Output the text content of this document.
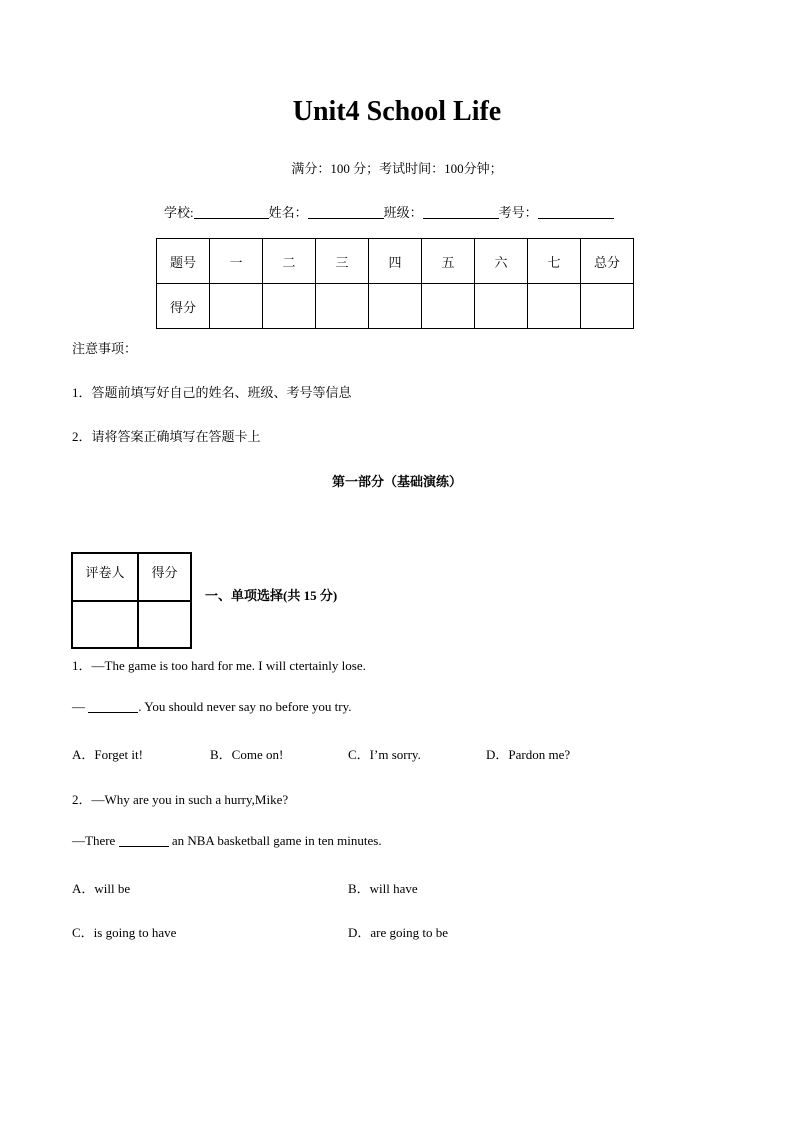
Unit4 School Life
满分：100 分；考试时间：100分钟；
学校:	姓名：	班级：	考号：
题号	一	二	三	四	五	六	七	总分
得分								
注意事项：
1．答题前填写好自己的姓名、班级、考号等信息
2．请将答案正确填写在答题卡上
第一部分（基础演练）
评卷人	得分

一、单项选择(共 15 分)
1．—The game is too hard for me. I will ctertainly lose.
—	. You should never say no before you try.
A．Forget it!	B．Come on!	C．I’m sorry.	D．Pardon me?
2．—Why are you in such a hurry,Mike?
—There	an NBA basketball game in ten minutes.
A．will be	B．will have
C．is going to have	D．are going to be
